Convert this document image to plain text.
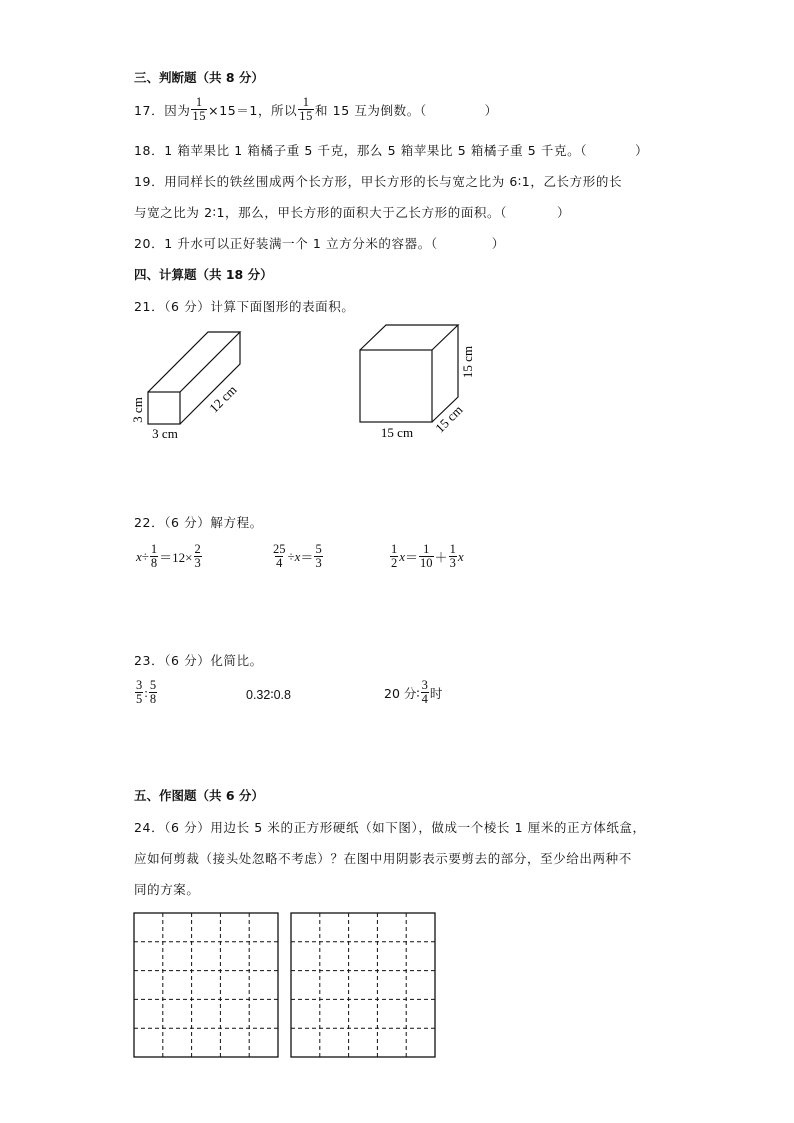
三、判断题（共 8 分）
17． 因为 $\frac{1}{15} \times 15=1$，所以 $\frac{1}{15}$ 和 15 互为倒数。（	）
18．1 箱苹果比 1 箱橘子重 5 千克，那么 5 箱苹果比 5 箱橘子重 5 千克。（	）
19．用同样长的铁丝围成两个长方形，甲长方形的长与宽之比为 6∶1，乙长方形的长
与宽之比为 2∶1，那么，甲长方形的面积大于乙长方形的面积。（	）
20．1 升水可以正好装满一个 1 立方分米的容器。（	）
四、计算题（共 18 分）
21．（6 分）计算下面图形的表面积。
3 cm
3 cm
12 cm
15 cm
15 cm 15 cm
22．（6 分）解方程。
$x \div \frac{1}{8} =12\times \frac{2}{3}$	$\frac{25}{4} \div x = \frac{5}{3}$	$\frac{1}{2}$ $x = \frac{1}{10} + \frac{1}{3}$ x
23．（6 分）化简比。
$\frac{3}{5}$ : $\frac{5}{8}$	0.32∶0.8	20 分∶ $\frac{3}{4}$ 时
五、作图题（共 6 分）
24．（6 分）用边长 5 米的正方形硬纸（如下图），做成一个棱长 1 厘米的正方体纸盒，
应如何剪裁（接头处忽略不考虑）？在图中用阴影表示要剪去的部分，至少给出两种不
同的方案。
